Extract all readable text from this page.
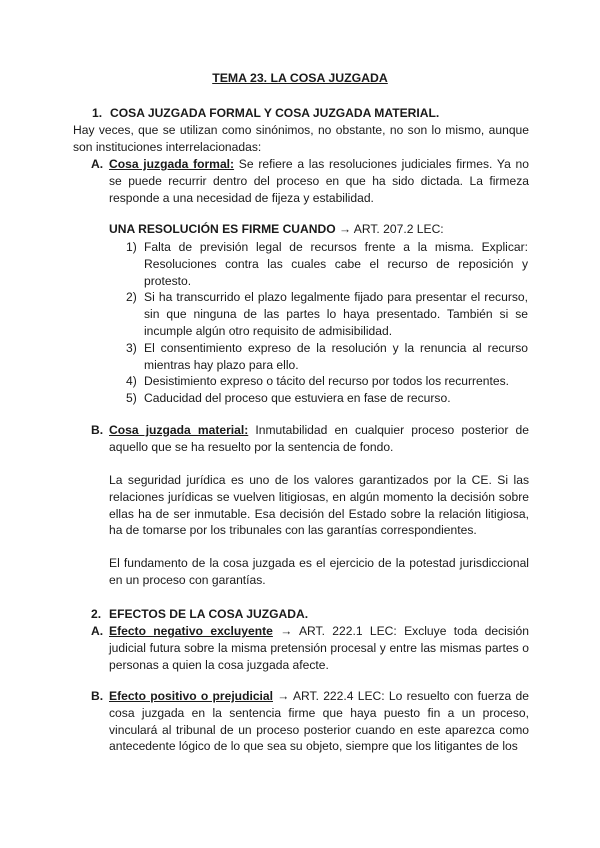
TEMA 23. LA COSA JUZGADA
1. COSA JUZGADA FORMAL Y COSA JUZGADA MATERIAL.

Hay veces, que se utilizan como sinónimos, no obstante, no son lo mismo, aunque son instituciones interrelacionadas:

A. Cosa juzgada formal: Se refiere a las resoluciones judiciales firmes. Ya no se puede recurrir dentro del proceso en que ha sido dictada. La firmeza responde a una necesidad de fijeza y estabilidad.

UNA RESOLUCIÓN ES FIRME CUANDO → ART. 207.2 LEC:

1) Falta de previsión legal de recursos frente a la misma. Explicar: Resoluciones contra las cuales cabe el recurso de reposición y protesto.
2) Si ha transcurrido el plazo legalmente fijado para presentar el recurso, sin que ninguna de las partes lo haya presentado. También si se incumple algún otro requisito de admisibilidad.
3) El consentimiento expreso de la resolución y la renuncia al recurso mientras hay plazo para ello.
4) Desistimiento expreso o tácito del recurso por todos los recurrentes.
5) Caducidad del proceso que estuviera en fase de recurso.
B. Cosa juzgada material: Inmutabilidad en cualquier proceso posterior de aquello que se ha resuelto por la sentencia de fondo.

La seguridad jurídica es uno de los valores garantizados por la CE. Si las relaciones jurídicas se vuelven litigiosas, en algún momento la decisión sobre ellas ha de ser inmutable. Esa decisión del Estado sobre la relación litigiosa, ha de tomarse por los tribunales con las garantías correspondientes.

El fundamento de la cosa juzgada es el ejercicio de la potestad jurisdiccional en un proceso con garantías.

2. EFECTOS DE LA COSA JUZGADA.
A. Efecto negativo excluyente → ART. 222.1 LEC: Excluye toda decisión judicial futura sobre la misma pretensión procesal y entre las mismas partes o personas a quien la cosa juzgada afecte.

B. Efecto positivo o prejudicial → ART. 222.4 LEC: Lo resuelto con fuerza de cosa juzgada en la sentencia firme que haya puesto fin a un proceso, vinculará al tribunal de un proceso posterior cuando en este aparezca como antecedente lógico de lo que sea su objeto, siempre que los litigantes de los
